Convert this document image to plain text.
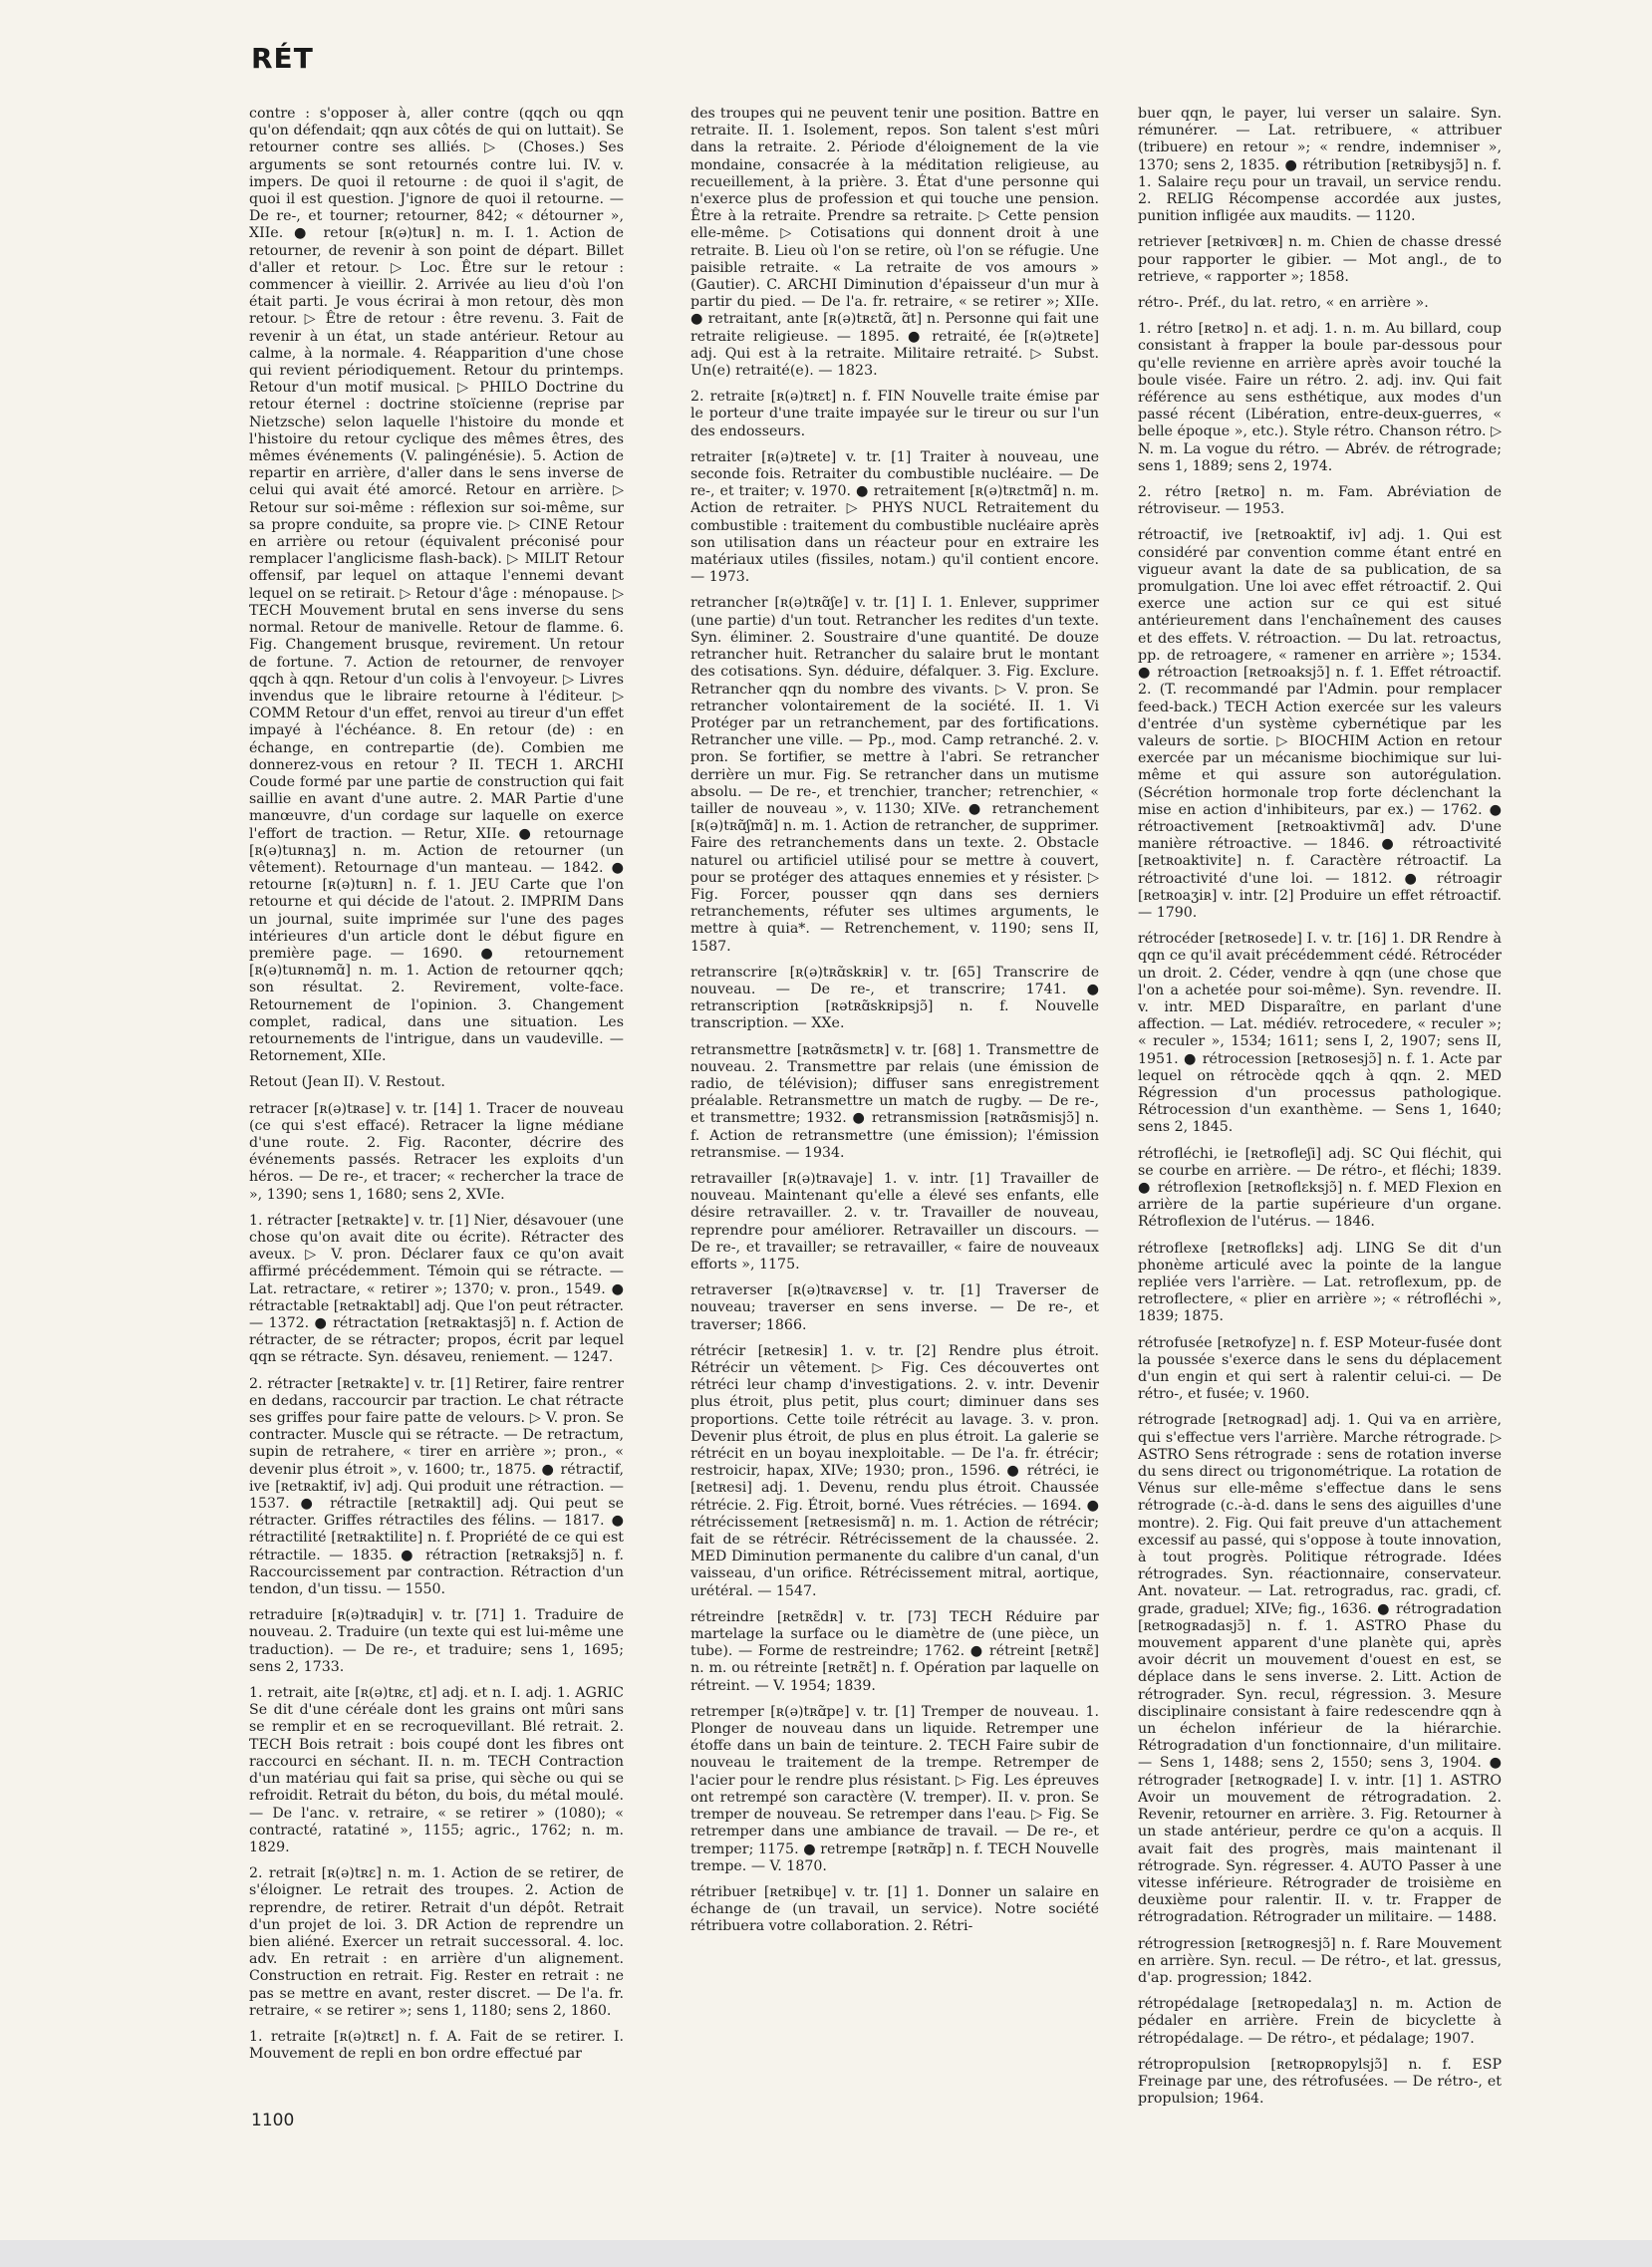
RÉT

contre : s'opposer à, aller contre (qqch ou qqn qu'on défendait; qqn aux côtés de qui on luttait). Se retourner contre ses alliés. ▷ (Choses.) Ses arguments se sont retournés contre lui. IV. v. impers. De quoi il retourne : de quoi il s'agit, de quoi il est question. J'ignore de quoi il retourne. — De re-, et tourner; retourner, 842; « détourner », XIIe. ● retour [ʀ(ə)tuʀ] n. m. I. 1. Action de retourner, de revenir à son point de départ. Billet d'aller et retour. ▷ Loc. Être sur le retour : commencer à vieillir. 2. Arrivée au lieu d'où l'on était parti. Je vous écrirai à mon retour, dès mon retour. ▷ Être de retour : être revenu. 3. Fait de revenir à un état, un stade antérieur. Retour au calme, à la normale. 4. Réapparition d'une chose qui revient périodiquement. Retour du printemps. Retour d'un motif musical. ▷ PHILO Doctrine du retour éternel : doctrine stoïcienne (reprise par Nietzsche) selon laquelle l'histoire du monde et l'histoire du retour cyclique des mêmes êtres, des mêmes événements (V. palingénésie). 5. Action de repartir en arrière, d'aller dans le sens inverse de celui qui avait été amorcé. Retour en arrière. ▷ Retour sur soi-même : réflexion sur soi-même, sur sa propre conduite, sa propre vie. ▷ CINE Retour en arrière ou retour (équivalent préconisé pour remplacer l'anglicisme flash-back). ▷ MILIT Retour offensif, par lequel on attaque l'ennemi devant lequel on se retirait. ▷ Retour d'âge : ménopause. ▷ TECH Mouvement brutal en sens inverse du sens normal. Retour de manivelle. Retour de flamme. 6. Fig. Changement brusque, revirement. Un retour de fortune. 7. Action de retourner, de renvoyer qqch à qqn. Retour d'un colis à l'envoyeur. ▷ Livres invendus que le libraire retourne à l'éditeur. ▷ COMM Retour d'un effet, renvoi au tireur d'un effet impayé à l'échéance. 8. En retour (de) : en échange, en contrepartie (de). Combien me donnerez-vous en retour ? II. TECH 1. ARCHI Coude formé par une partie de construction qui fait saillie en avant d'une autre. 2. MAR Partie d'une manœuvre, d'un cordage sur laquelle on exerce l'effort de traction. — Retur, XIIe. ● retournage [ʀ(ə)tuʀnaʒ] n. m. Action de retourner (un vêtement). Retournage d'un manteau. — 1842. ● retourne [ʀ(ə)tuʀn] n. f. 1. JEU Carte que l'on retourne et qui décide de l'atout. 2. IMPRIM Dans un journal, suite imprimée sur l'une des pages intérieures d'un article dont le début figure en première page. — 1690. ● retournement [ʀ(ə)tuʀnəmɑ̃] n. m. 1. Action de retourner qqch; son résultat. 2. Revirement, volte-face. Retournement de l'opinion. 3. Changement complet, radical, dans une situation. Les retournements de l'intrigue, dans un vaudeville. — Retornement, XIIe.

Retout (Jean II). V. Restout.

retracer [ʀ(ə)tʀase] v. tr. [14] 1. Tracer de nouveau (ce qui s'est effacé). Retracer la ligne médiane d'une route. 2. Fig. Raconter, décrire des événements passés. Retracer les exploits d'un héros. — De re-, et tracer; « rechercher la trace de », 1390; sens 1, 1680; sens 2, XVIe.

1. rétracter [ʀetʀakte] v. tr. [1] Nier, désavouer (une chose qu'on avait dite ou écrite). Rétracter des aveux. ▷ V. pron. Déclarer faux ce qu'on avait affirmé précédemment. Témoin qui se rétracte. — Lat. retractare, « retirer »; 1370; v. pron., 1549. ● rétractable [ʀetʀaktabl] adj. Que l'on peut rétracter. — 1372. ● rétractation [ʀetʀaktasjɔ̃] n. f. Action de rétracter, de se rétracter; propos, écrit par lequel qqn se rétracte. Syn. désaveu, reniement. — 1247.

2. rétracter [ʀetʀakte] v. tr. [1] Retirer, faire rentrer en dedans, raccourcir par traction. Le chat rétracte ses griffes pour faire patte de velours. ▷ V. pron. Se contracter. Muscle qui se rétracte. — De retractum, supin de retrahere, « tirer en arrière »; pron., « devenir plus étroit », v. 1600; tr., 1875. ● rétractif, ive [ʀetʀaktif, iv] adj. Qui produit une rétraction. — 1537. ● rétractile [ʀetʀaktil] adj. Qui peut se rétracter. Griffes rétractiles des félins. — 1817. ● rétractilité [ʀetʀaktilite] n. f. Propriété de ce qui est rétractile. — 1835. ● rétraction [ʀetʀaksjɔ̃] n. f. Raccourcissement par contraction. Rétraction d'un tendon, d'un tissu. — 1550.

retraduire [ʀ(ə)tʀadɥiʀ] v. tr. [71] 1. Traduire de nouveau. 2. Traduire (un texte qui est lui-même une traduction). — De re-, et traduire; sens 1, 1695; sens 2, 1733.

1. retrait, aite [ʀ(ə)tʀɛ, ɛt] adj. et n. I. adj. 1. AGRIC Se dit d'une céréale dont les grains ont mûri sans se remplir et en se recroquevillant. Blé retrait. 2. TECH Bois retrait : bois coupé dont les fibres ont raccourci en séchant. II. n. m. TECH Contraction d'un matériau qui fait sa prise, qui sèche ou qui se refroidit. Retrait du béton, du bois, du métal moulé. — De l'anc. v. retraire, « se retirer » (1080); « contracté, ratatiné », 1155; agric., 1762; n. m. 1829.

2. retrait [ʀ(ə)tʀɛ] n. m. 1. Action de se retirer, de s'éloigner. Le retrait des troupes. 2. Action de reprendre, de retirer. Retrait d'un dépôt. Retrait d'un projet de loi. 3. DR Action de reprendre un bien aliéné. Exercer un retrait successoral. 4. loc. adv. En retrait : en arrière d'un alignement. Construction en retrait. Fig. Rester en retrait : ne pas se mettre en avant, rester discret. — De l'a. fr. retraire, « se retirer »; sens 1, 1180; sens 2, 1860.

1. retraite [ʀ(ə)tʀɛt] n. f. A. Fait de se retirer. I. Mouvement de repli en bon ordre effectué par

des troupes qui ne peuvent tenir une position. Battre en retraite. II. 1. Isolement, repos. Son talent s'est mûri dans la retraite. 2. Période d'éloignement de la vie mondaine, consacrée à la méditation religieuse, au recueillement, à la prière. 3. État d'une personne qui n'exerce plus de profession et qui touche une pension. Être à la retraite. Prendre sa retraite. ▷ Cette pension elle-même. ▷ Cotisations qui donnent droit à une retraite. B. Lieu où l'on se retire, où l'on se réfugie. Une paisible retraite. « La retraite de vos amours » (Gautier). C. ARCHI Diminution d'épaisseur d'un mur à partir du pied. — De l'a. fr. retraire, « se retirer »; XIIe. ● retraitant, ante [ʀ(ə)tʀɛtɑ̃, ɑ̃t] n. Personne qui fait une retraite religieuse. — 1895. ● retraité, ée [ʀ(ə)tʀete] adj. Qui est à la retraite. Militaire retraité. ▷ Subst. Un(e) retraité(e). — 1823.

2. retraite [ʀ(ə)tʀɛt] n. f. FIN Nouvelle traite émise par le porteur d'une traite impayée sur le tireur ou sur l'un des endosseurs.

retraiter [ʀ(ə)tʀete] v. tr. [1] Traiter à nouveau, une seconde fois. Retraiter du combustible nucléaire. — De re-, et traiter; v. 1970. ● retraitement [ʀ(ə)tʀɛtmɑ̃] n. m. Action de retraiter. ▷ PHYS NUCL Retraitement du combustible : traitement du combustible nucléaire après son utilisation dans un réacteur pour en extraire les matériaux utiles (fissiles, notam.) qu'il contient encore. — 1973.

retrancher [ʀ(ə)tʀɑ̃ʃe] v. tr. [1] I. 1. Enlever, supprimer (une partie) d'un tout. Retrancher les redites d'un texte. Syn. éliminer. 2. Soustraire d'une quantité. De douze retrancher huit. Retrancher du salaire brut le montant des cotisations. Syn. déduire, défalquer. 3. Fig. Exclure. Retrancher qqn du nombre des vivants. ▷ V. pron. Se retrancher volontairement de la société. II. 1. Vi Protéger par un retranchement, par des fortifications. Retrancher une ville. — Pp., mod. Camp retranché. 2. v. pron. Se fortifier, se mettre à l'abri. Se retrancher derrière un mur. Fig. Se retrancher dans un mutisme absolu. — De re-, et trenchier, trancher; retrenchier, « tailler de nouveau », v. 1130; XIVe. ● retranchement [ʀ(ə)tʀɑ̃ʃmɑ̃] n. m. 1. Action de retrancher, de supprimer. Faire des retranchements dans un texte. 2. Obstacle naturel ou artificiel utilisé pour se mettre à couvert, pour se protéger des attaques ennemies et y résister. ▷ Fig. Forcer, pousser qqn dans ses derniers retranchements, réfuter ses ultimes arguments, le mettre à quia*. — Retrenchement, v. 1190; sens II, 1587.

retranscrire [ʀ(ə)tʀɑ̃skʀiʀ] v. tr. [65] Transcrire de nouveau. — De re-, et transcrire; 1741. ● retranscription [ʀətʀɑ̃skʀipsjɔ̃] n. f. Nouvelle transcription. — XXe.

retransmettre [ʀətʀɑ̃smɛtʀ] v. tr. [68] 1. Transmettre de nouveau. 2. Transmettre par relais (une émission de radio, de télévision); diffuser sans enregistrement préalable. Retransmettre un match de rugby. — De re-, et transmettre; 1932. ● retransmission [ʀətʀɑ̃smisjɔ̃] n. f. Action de retransmettre (une émission); l'émission retransmise. — 1934.

retravailler [ʀ(ə)tʀavaje] 1. v. intr. [1] Travailler de nouveau. Maintenant qu'elle a élevé ses enfants, elle désire retravailler. 2. v. tr. Travailler de nouveau, reprendre pour améliorer. Retravailler un discours. — De re-, et travailler; se retravailler, « faire de nouveaux efforts », 1175.

retraverser [ʀ(ə)tʀavɛʀse] v. tr. [1] Traverser de nouveau; traverser en sens inverse. — De re-, et traverser; 1866.

rétrécir [ʀetʀesiʀ] 1. v. tr. [2] Rendre plus étroit. Rétrécir un vêtement. ▷ Fig. Ces découvertes ont rétréci leur champ d'investigations. 2. v. intr. Devenir plus étroit, plus petit, plus court; diminuer dans ses proportions. Cette toile rétrécit au lavage. 3. v. pron. Devenir plus étroit, de plus en plus étroit. La galerie se rétrécit en un boyau inexploitable. — De l'a. fr. étrécir; restroicir, hapax, XIVe; 1930; pron., 1596. ● rétréci, ie [ʀetʀesi] adj. 1. Devenu, rendu plus étroit. Chaussée rétrécie. 2. Fig. Étroit, borné. Vues rétrécies. — 1694. ● rétrécissement [ʀetʀesismɑ̃] n. m. 1. Action de rétrécir; fait de se rétrécir. Rétrécissement de la chaussée. 2. MED Diminution permanente du calibre d'un canal, d'un vaisseau, d'un orifice. Rétrécissement mitral, aortique, urétéral. — 1547.

rétreindre [ʀetʀɛ̃dʀ] v. tr. [73] TECH Réduire par martelage la surface ou le diamètre de (une pièce, un tube). — Forme de restreindre; 1762. ● rétreint [ʀetʀɛ̃] n. m. ou rétreinte [ʀetʀɛ̃t] n. f. Opération par laquelle on rétreint. — V. 1954; 1839.

retremper [ʀ(ə)tʀɑ̃pe] v. tr. [1] Tremper de nouveau. 1. Plonger de nouveau dans un liquide. Retremper une étoffe dans un bain de teinture. 2. TECH Faire subir de nouveau le traitement de la trempe. Retremper de l'acier pour le rendre plus résistant. ▷ Fig. Les épreuves ont retrempé son caractère (V. tremper). II. v. pron. Se tremper de nouveau. Se retremper dans l'eau. ▷ Fig. Se retremper dans une ambiance de travail. — De re-, et tremper; 1175. ● retrempe [ʀətʀɑ̃p] n. f. TECH Nouvelle trempe. — V. 1870.

rétribuer [ʀetʀibɥe] v. tr. [1] 1. Donner un salaire en échange de (un travail, un service). Notre société rétribuera votre collaboration. 2. Rétri-

buer qqn, le payer, lui verser un salaire. Syn. rémunérer. — Lat. retribuere, « attribuer (tribuere) en retour »; « rendre, indemniser », 1370; sens 2, 1835. ● rétribution [ʀetʀibysjɔ̃] n. f. 1. Salaire reçu pour un travail, un service rendu. 2. RELIG Récompense accordée aux justes, punition infligée aux maudits. — 1120.

retriever [ʀetʀivœʀ] n. m. Chien de chasse dressé pour rapporter le gibier. — Mot angl., de to retrieve, « rapporter »; 1858.

rétro-. Préf., du lat. retro, « en arrière ».

1. rétro [ʀetʀo] n. et adj. 1. n. m. Au billard, coup consistant à frapper la boule par-dessous pour qu'elle revienne en arrière après avoir touché la boule visée. Faire un rétro. 2. adj. inv. Qui fait référence au sens esthétique, aux modes d'un passé récent (Libération, entre-deux-guerres, « belle époque », etc.). Style rétro. Chanson rétro. ▷ N. m. La vogue du rétro. — Abrév. de rétrograde; sens 1, 1889; sens 2, 1974.

2. rétro [ʀetʀo] n. m. Fam. Abréviation de rétroviseur. — 1953.

rétroactif, ive [ʀetʀoaktif, iv] adj. 1. Qui est considéré par convention comme étant entré en vigueur avant la date de sa publication, de sa promulgation. Une loi avec effet rétroactif. 2. Qui exerce une action sur ce qui est situé antérieurement dans l'enchaînement des causes et des effets. V. rétroaction. — Du lat. retroactus, pp. de retroagere, « ramener en arrière »; 1534. ● rétroaction [ʀetʀoaksjɔ̃] n. f. 1. Effet rétroactif. 2. (T. recommandé par l'Admin. pour remplacer feed-back.) TECH Action exercée sur les valeurs d'entrée d'un système cybernétique par les valeurs de sortie. ▷ BIOCHIM Action en retour exercée par un mécanisme biochimique sur lui-même et qui assure son autorégulation. (Sécrétion hormonale trop forte déclenchant la mise en action d'inhibiteurs, par ex.) — 1762. ● rétroactivement [ʀetʀoaktivmɑ̃] adv. D'une manière rétroactive. — 1846. ● rétroactivité [ʀetʀoaktivite] n. f. Caractère rétroactif. La rétroactivité d'une loi. — 1812. ● rétroagir [ʀetʀoaʒiʀ] v. intr. [2] Produire un effet rétroactif. — 1790.

rétrocéder [ʀetʀosede] I. v. tr. [16] 1. DR Rendre à qqn ce qu'il avait précédemment cédé. Rétrocéder un droit. 2. Céder, vendre à qqn (une chose que l'on a achetée pour soi-même). Syn. revendre. II. v. intr. MED Disparaître, en parlant d'une affection. — Lat. médiév. retrocedere, « reculer »; « reculer », 1534; 1611; sens I, 2, 1907; sens II, 1951. ● rétrocession [ʀetʀosesjɔ̃] n. f. 1. Acte par lequel on rétrocède qqch à qqn. 2. MED Régression d'un processus pathologique. Rétrocession d'un exanthème. — Sens 1, 1640; sens 2, 1845.

rétrofléchi, ie [ʀetʀofleʃi] adj. SC Qui fléchit, qui se courbe en arrière. — De rétro-, et fléchi; 1839. ● rétroflexion [ʀetʀoflɛksjɔ̃] n. f. MED Flexion en arrière de la partie supérieure d'un organe. Rétroflexion de l'utérus. — 1846.

rétroflexe [ʀetʀoflɛks] adj. LING Se dit d'un phonème articulé avec la pointe de la langue repliée vers l'arrière. — Lat. retroflexum, pp. de retroflectere, « plier en arrière »; « rétrofléchi », 1839; 1875.

rétrofusée [ʀetʀofyze] n. f. ESP Moteur-fusée dont la poussée s'exerce dans le sens du déplacement d'un engin et qui sert à ralentir celui-ci. — De rétro-, et fusée; v. 1960.

rétrograde [ʀetʀogʀad] adj. 1. Qui va en arrière, qui s'effectue vers l'arrière. Marche rétrograde. ▷ ASTRO Sens rétrograde : sens de rotation inverse du sens direct ou trigonométrique. La rotation de Vénus sur elle-même s'effectue dans le sens rétrograde (c.-à-d. dans le sens des aiguilles d'une montre). 2. Fig. Qui fait preuve d'un attachement excessif au passé, qui s'oppose à toute innovation, à tout progrès. Politique rétrograde. Idées rétrogrades. Syn. réactionnaire, conservateur. Ant. novateur. — Lat. retrogradus, rac. gradi, cf. grade, graduel; XIVe; fig., 1636. ● rétrogradation [ʀetʀogʀadasjɔ̃] n. f. 1. ASTRO Phase du mouvement apparent d'une planète qui, après avoir décrit un mouvement d'ouest en est, se déplace dans le sens inverse. 2. Litt. Action de rétrograder. Syn. recul, régression. 3. Mesure disciplinaire consistant à faire redescendre qqn à un échelon inférieur de la hiérarchie. Rétrogradation d'un fonctionnaire, d'un militaire. — Sens 1, 1488; sens 2, 1550; sens 3, 1904. ● rétrograder [ʀetʀogʀade] I. v. intr. [1] 1. ASTRO Avoir un mouvement de rétrogradation. 2. Revenir, retourner en arrière. 3. Fig. Retourner à un stade antérieur, perdre ce qu'on a acquis. Il avait fait des progrès, mais maintenant il rétrograde. Syn. régresser. 4. AUTO Passer à une vitesse inférieure. Rétrograder de troisième en deuxième pour ralentir. II. v. tr. Frapper de rétrogradation. Rétrograder un militaire. — 1488.

rétrogression [ʀetʀogʀesjɔ̃] n. f. Rare Mouvement en arrière. Syn. recul. — De rétro-, et lat. gressus, d'ap. progression; 1842.

rétropédalage [ʀetʀopedalaʒ] n. m. Action de pédaler en arrière. Frein de bicyclette à rétropédalage. — De rétro-, et pédalage; 1907.

rétropropulsion [ʀetʀopʀopylsjɔ̃] n. f. ESP Freinage par une, des rétrofusées. — De rétro-, et propulsion; 1964.

1100
